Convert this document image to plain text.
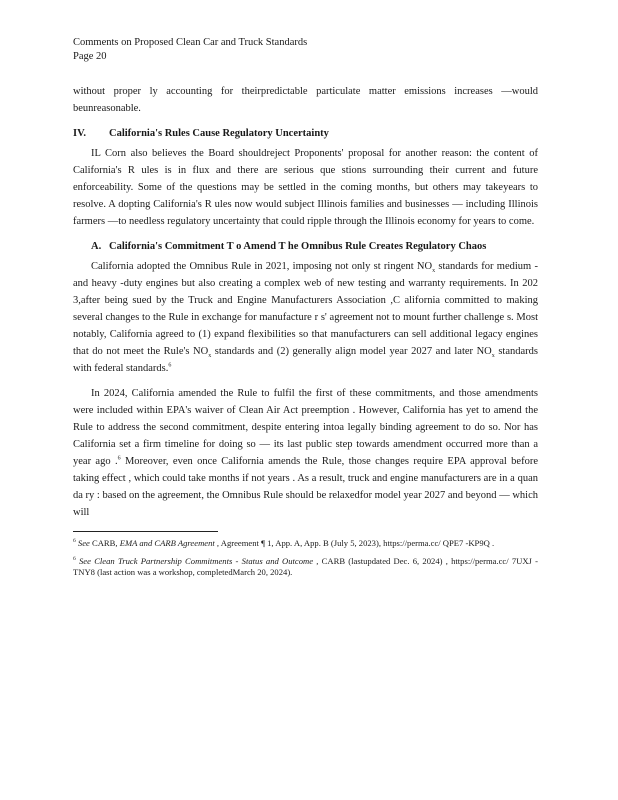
Comments on Proposed Clean Car and Truck Standards
Page 20

without proper ly accounting for theirpredictable particulate matter emissions increases —would beunreasonable.

IV.	California's Rules Cause Regulatory Uncertainty

IL Corn also believes the Board shouldreject Proponents' proposal for another reason: the content of California's R ules is in flux and there are serious que stions surrounding their current and future enforceability. Some of the questions may be settled in the coming months, but others may takeyears to resolve. A dopting California's R ules now would subject Illinois families and businesses — including Illinois farmers —to needless regulatory uncertainty that could ripple through the Illinois economy for years to come.

A. California's Commitment T o Amend T he Omnibus Rule Creates Regulatory Chaos

California adopted the Omnibus Rule in 2021, imposing not only st ringent $NO_x$ standards for medium - and heavy -duty engines but also creating a complex web of new testing and warranty requirements. In 202 3,after being sued by the Truck and Engine Manufacturers Association ,C alifornia committed to making several changes to the Rule in exchange for manufacture r s' agreement not to mount further challenge s. Most notably, California agreed to (1) expand flexibilities so that manufacturers can sell additional legacy engines that do not meet the Rule's $NO_x$ standards and (2) generally align model year 2027 and later $NO_x$ standards with federal standards.$^6$

In 2024, California amended the Rule to fulfil the first of these commitments, and those amendments were included within EPA's waiver of Clean Air Act preemption . However, California has yet to amend the Rule to address the second commitment, despite entering intoa legally binding agreement to do so. Nor has California set a firm timeline for doing so — its last public step towards amendment occurred more than a year ago .$^6$ Moreover, even once California amends the Rule, those changes require EPA approval before taking effect , which could take months if not years . As a result, truck and engine manufacturers are in a quan da ry : based on the agreement, the Omnibus Rule should be relaxedfor model year 2027 and beyond — which will

$^6$ See CARB, EMA and CARB Agreement , Agreement ¶ 1, App. A, App. B (July 5, 2023), https://perma.cc/ QPE7 -KP9Q .
$^6$ See Clean Truck Partnership Commitments - Status and Outcome , CARB (lastupdated Dec. 6, 2024) , https://perma.cc/ 7UXJ -TNY8 (last action was a workshop, completedMarch 20, 2024).
